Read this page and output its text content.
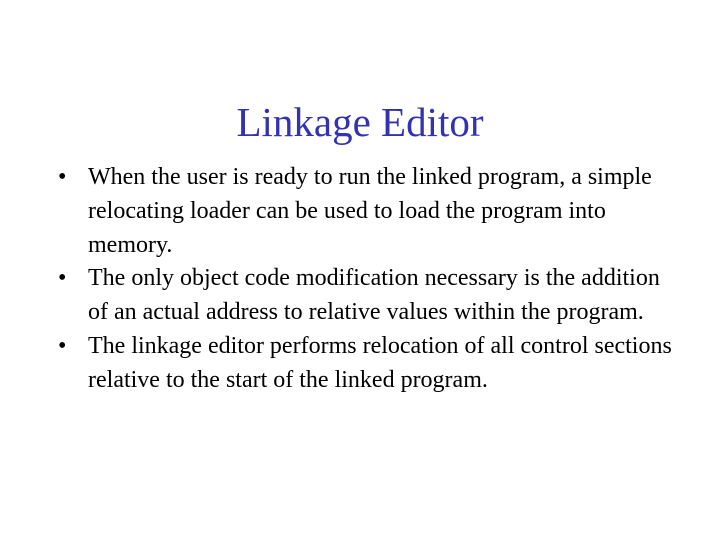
Linkage Editor
• When the user is ready to run the linked program, a simple relocating loader can be used to load the program into memory.
• The only object code modification necessary is the addition of an actual address to relative values within the program.
• The linkage editor performs relocation of all control sections relative to the start of the linked program.
